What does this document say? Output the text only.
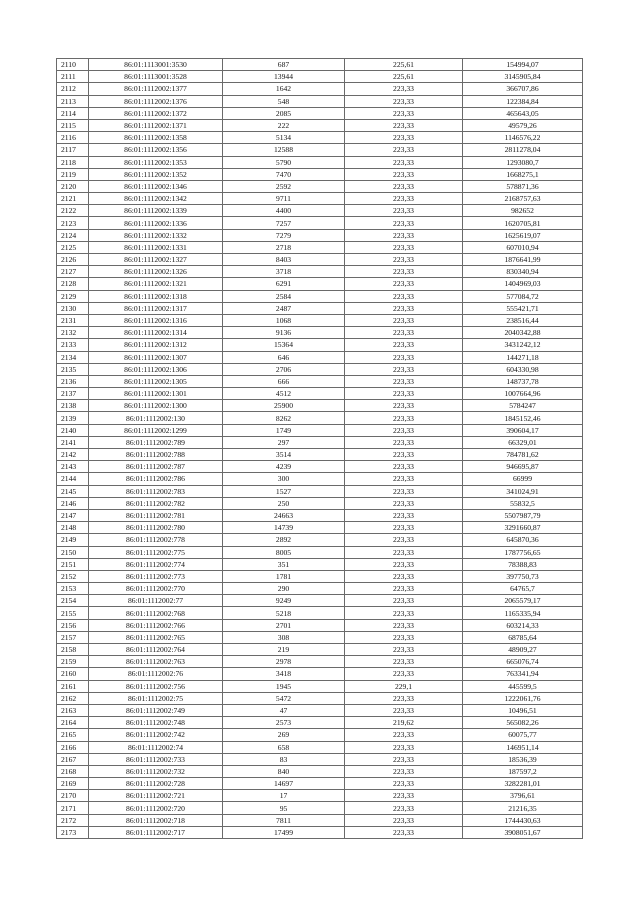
2110	86:01:1113001:3530	687	225,61	154994,07
2111	86:01:1113001:3528	13944	225,61	3145905,84
2112	86:01:1112002:1377	1642	223,33	366707,86
2113	86:01:1112002:1376	548	223,33	122384,84
2114	86:01:1112002:1372	2085	223,33	465643,05
2115	86:01:1112002:1371	222	223,33	49579,26
2116	86:01:1112002:1358	5134	223,33	1146576,22
2117	86:01:1112002:1356	12588	223,33	2811278,04
2118	86:01:1112002:1353	5790	223,33	1293080,7
2119	86:01:1112002:1352	7470	223,33	1668275,1
2120	86:01:1112002:1346	2592	223,33	578871,36
2121	86:01:1112002:1342	9711	223,33	2168757,63
2122	86:01:1112002:1339	4400	223,33	982652
2123	86:01:1112002:1336	7257	223,33	1620705,81
2124	86:01:1112002:1332	7279	223,33	1625619,07
2125	86:01:1112002:1331	2718	223,33	607010,94
2126	86:01:1112002:1327	8403	223,33	1876641,99
2127	86:01:1112002:1326	3718	223,33	830340,94
2128	86:01:1112002:1321	6291	223,33	1404969,03
2129	86:01:1112002:1318	2584	223,33	577084,72
2130	86:01:1112002:1317	2487	223,33	555421,71
2131	86:01:1112002:1316	1068	223,33	238516,44
2132	86:01:1112002:1314	9136	223,33	2040342,88
2133	86:01:1112002:1312	15364	223,33	3431242,12
2134	86:01:1112002:1307	646	223,33	144271,18
2135	86:01:1112002:1306	2706	223,33	604330,98
2136	86:01:1112002:1305	666	223,33	148737,78
2137	86:01:1112002:1301	4512	223,33	1007664,96
2138	86:01:1112002:1300	25900	223,33	5784247
2139	86:01:1112002:130	8262	223,33	1845152,46
2140	86:01:1112002:1299	1749	223,33	390604,17
2141	86:01:1112002:789	297	223,33	66329,01
2142	86:01:1112002:788	3514	223,33	784781,62
2143	86:01:1112002:787	4239	223,33	946695,87
2144	86:01:1112002:786	300	223,33	66999
2145	86:01:1112002:783	1527	223,33	341024,91
2146	86:01:1112002:782	250	223,33	55832,5
2147	86:01:1112002:781	24663	223,33	5507987,79
2148	86:01:1112002:780	14739	223,33	3291660,87
2149	86:01:1112002:778	2892	223,33	645870,36
2150	86:01:1112002:775	8005	223,33	1787756,65
2151	86:01:1112002:774	351	223,33	78388,83
2152	86:01:1112002:773	1781	223,33	397750,73
2153	86:01:1112002:770	290	223,33	64765,7
2154	86:01:1112002:77	9249	223,33	2065579,17
2155	86:01:1112002:768	5218	223,33	1165335,94
2156	86:01:1112002:766	2701	223,33	603214,33
2157	86:01:1112002:765	308	223,33	68785,64
2158	86:01:1112002:764	219	223,33	48909,27
2159	86:01:1112002:763	2978	223,33	665076,74
2160	86:01:1112002:76	3418	223,33	763341,94
2161	86:01:1112002:756	1945	229,1	445599,5
2162	86:01:1112002:75	5472	223,33	1222061,76
2163	86:01:1112002:749	47	223,33	10496,51
2164	86:01:1112002:748	2573	219,62	565082,26
2165	86:01:1112002:742	269	223,33	60075,77
2166	86:01:1112002:74	658	223,33	146951,14
2167	86:01:1112002:733	83	223,33	18536,39
2168	86:01:1112002:732	840	223,33	187597,2
2169	86:01:1112002:728	14697	223,33	3282281,01
2170	86:01:1112002:721	17	223,33	3796,61
2171	86:01:1112002:720	95	223,33	21216,35
2172	86:01:1112002:718	7811	223,33	1744430,63
2173	86:01:1112002:717	17499	223,33	3908051,67
